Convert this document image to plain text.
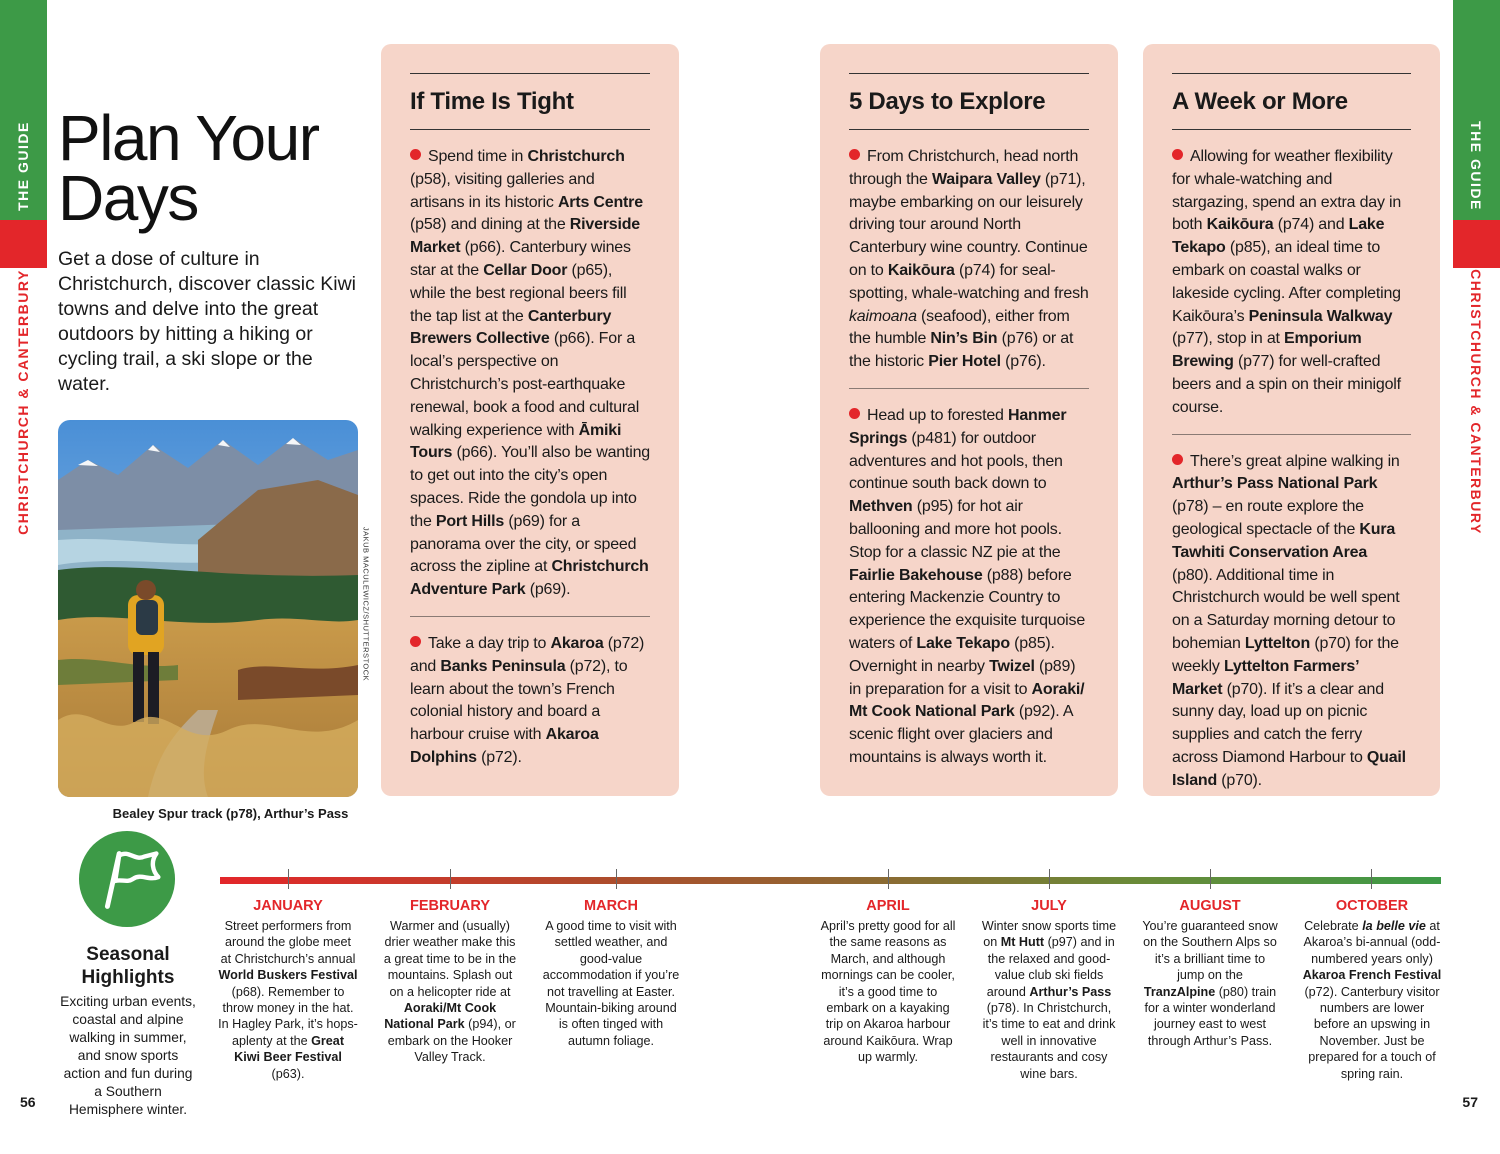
THE GUIDE
CHRISTCHURCH & CANTERBURY
THE GUIDE
CHRISTCHURCH & CANTERBURY
56	57
Plan Your Days

Get a dose of culture in Christchurch, discover classic Kiwi towns and delve into the great outdoors by hitting a hiking or cycling trail, a ski slope or the water.

JAKUB MACULEWICZ/SHUTTERSTOCK
Bealey Spur track (p78), Arthur’s Pass
If Time Is Tight

Spend time in Christchurch (p58), visiting galleries and artisans in its historic Arts Centre (p58) and dining at the Riverside Market (p66). Canterbury wines star at the Cellar Door (p65), while the best regional beers fill the tap list at the Canterbury Brewers Collective (p66). For a local’s perspective on Christchurch’s post-earthquake renewal, book a food and cultural walking experience with Āmiki Tours (p66). You’ll also be wanting to get out into the city’s open spaces. Ride the gondola up into the Port Hills (p69) for a panorama over the city, or speed across the zipline at Christchurch Adventure Park (p69).

Take a day trip to Akaroa (p72) and Banks Peninsula (p72), to learn about the town’s French colonial history and board a harbour cruise with Akaroa Dolphins (p72).

5 Days to Explore

From Christchurch, head north through the Waipara Valley (p71), maybe embarking on our leisurely driving tour around North Canterbury wine country. Continue on to Kaikōura (p74) for seal-spotting, whale-watching and fresh kaimoana (seafood), either from the humble Nin’s Bin (p76) or at the historic Pier Hotel (p76).

Head up to forested Hanmer Springs (p481) for outdoor adventures and hot pools, then continue south back down to Methven (p95) for hot air ballooning and more hot pools. Stop for a classic NZ pie at the Fairlie Bakehouse (p88) before entering Mackenzie Country to experience the exquisite turquoise waters of Lake Tekapo (p85). Overnight in nearby Twizel (p89) in preparation for a visit to Aoraki/ Mt Cook National Park (p92). A scenic flight over glaciers and mountains is always worth it.

A Week or More

Allowing for weather flexibility for whale-watching and stargazing, spend an extra day in both Kaikōura (p74) and Lake Tekapo (p85), an ideal time to embark on coastal walks or lakeside cycling. After completing Kaikōura’s Peninsula Walkway (p77), stop in at Emporium Brewing (p77) for well-crafted beers and a spin on their minigolf course.

There’s great alpine walking in Arthur’s Pass National Park (p78) – en route explore the geological spectacle of the Kura Tawhiti Conservation Area (p80). Additional time in Christchurch would be well spent on a Saturday morning detour to bohemian Lyttelton (p70) for the weekly Lyttelton Farmers’ Market (p70). If it’s a clear and sunny day, load up on picnic supplies and catch the ferry across Diamond Harbour to Quail Island (p70).

Seasonal Highlights
Exciting urban events, coastal and alpine walking in summer, and snow sports action and fun during a Southern Hemisphere winter.
JANUARY
Street performers from around the globe meet at Christchurch’s annual World Buskers Festival (p68). Remember to throw money in the hat. In Hagley Park, it’s hops-aplenty at the Great Kiwi Beer Festival (p63).
FEBRUARY
Warmer and (usually) drier weather make this a great time to be in the mountains. Splash out on a helicopter ride at Aoraki/Mt Cook National Park (p94), or embark on the Hooker Valley Track.
MARCH
A good time to visit with settled weather, and good-value accommodation if you’re not travelling at Easter. Mountain-biking around is often tinged with autumn foliage.
APRIL
April’s pretty good for all the same reasons as March, and although mornings can be cooler, it’s a good time to embark on a kayaking trip on Akaroa harbour around Kaikōura. Wrap up warmly.
JULY
Winter snow sports time on Mt Hutt (p97) and in the relaxed and good-value club ski fields around Arthur’s Pass (p78). In Christchurch, it’s time to eat and drink well in innovative restaurants and cosy wine bars.
AUGUST
You’re guaranteed snow on the Southern Alps so it’s a brilliant time to jump on the TranzAlpine (p80) train for a winter wonderland journey east to west through Arthur’s Pass.
OCTOBER
Celebrate la belle vie at Akaroa’s bi-annual (odd-numbered years only) Akaroa French Festival (p72). Canterbury visitor numbers are lower before an upswing in November. Just be prepared for a touch of spring rain.
